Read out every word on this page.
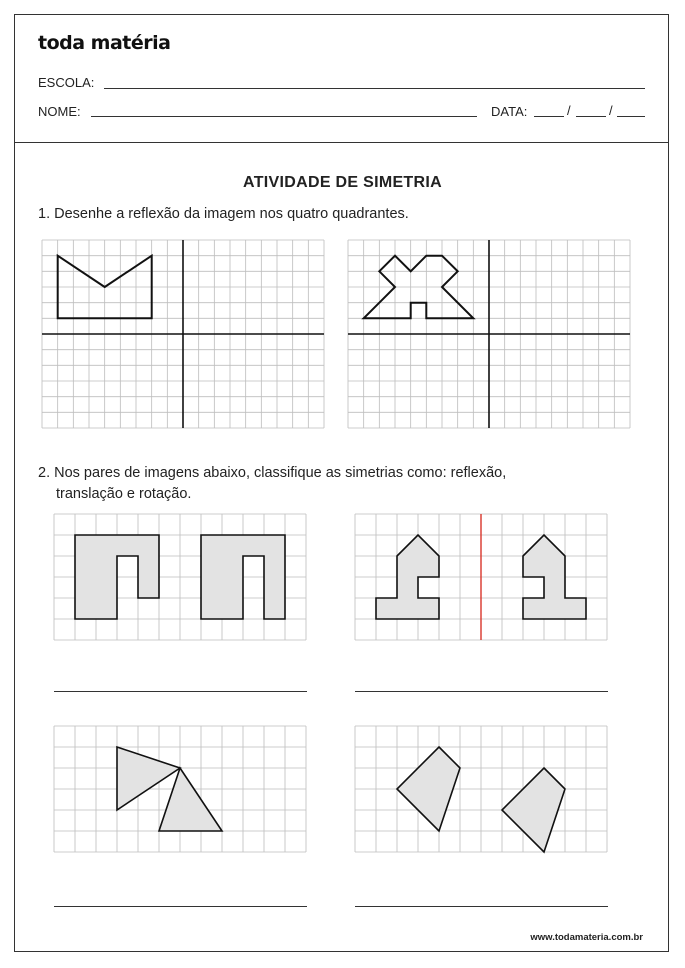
toda matéria
ESCOLA:
NOME:	DATA:	/	/
ATIVIDADE DE SIMETRIA
1. Desenhe a reflexão da imagem nos quatro quadrantes.
2. Nos pares de imagens abaixo, classifique as simetrias como: reflexão,
translação e rotação.
www.todamateria.com.br
